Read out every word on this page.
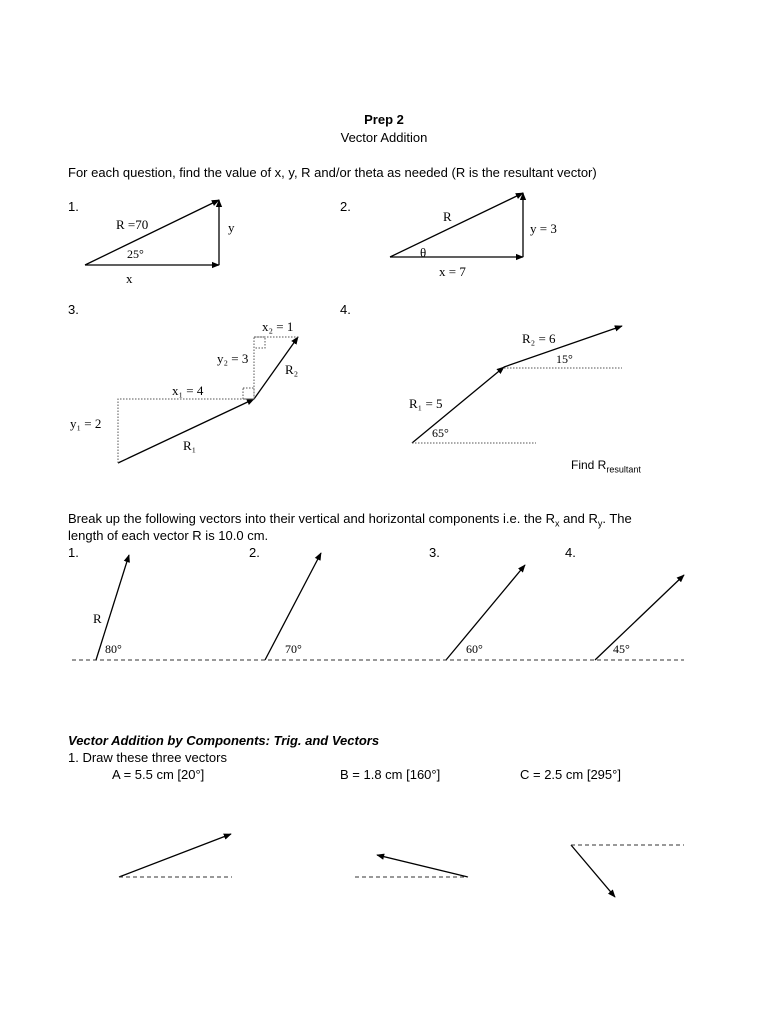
Prep 2
Vector Addition
For each question, find the value of x, y, R and/or theta as needed (R is the resultant vector)
1.
R =70	y
25°
x
2.
R
y = 3
θ
x = 7
3.
x₂ = 1
y₂ = 3
R₂
x₁ = 4
y₁ = 2
R₁
4.
R₂ = 6
15°
R₁ = 5
65°
Find $R_{resultant}$
Break up the following vectors into their vertical and horizontal components i.e. the $R_x$ and $R_y$. The
length of each vector R is 10.0 cm.
1.	2.	3.	4.
R
80°	70°	60°	45°
Vector Addition by Components: Trig. and Vectors
1. Draw these three vectors
A = 5.5 cm [20°]	B = 1.8 cm [160°]	C = 2.5 cm [295°]
